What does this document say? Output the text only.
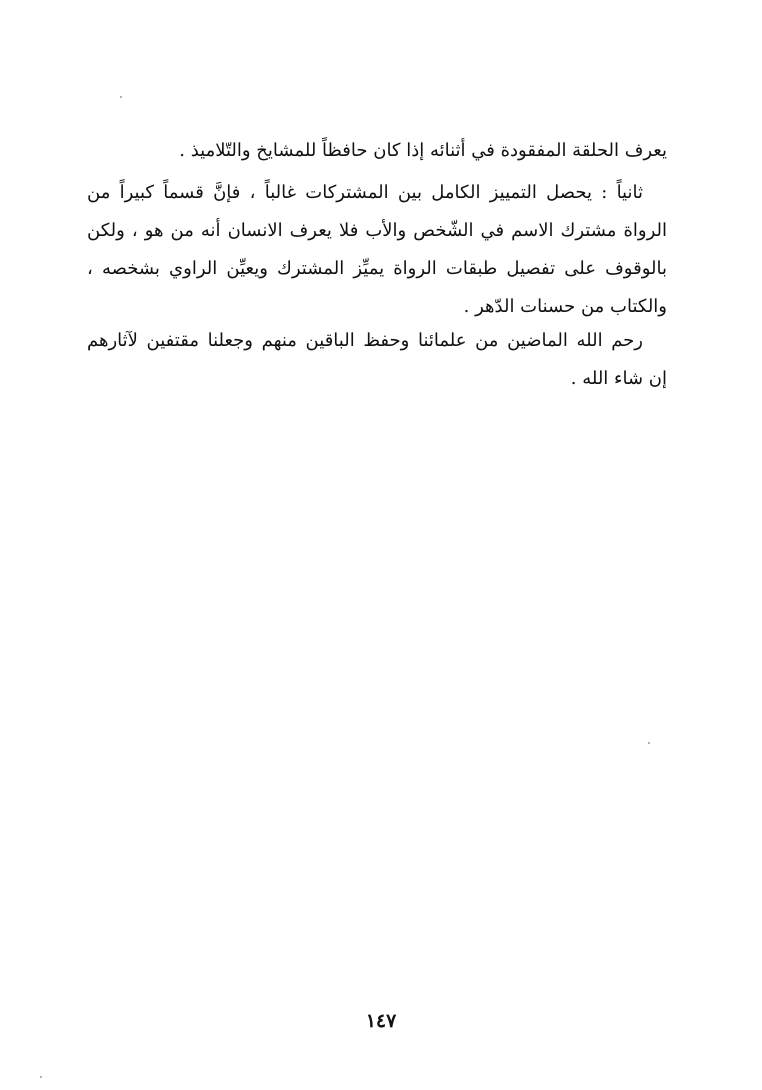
يعرف الحلقة المفقودة في أثنائه إذا كان حافظاً للمشايخ والتّلاميذ .
ثانياً : يحصل التمييز الكامل بين المشتركات غالباً ، فإنَّ قسماً كبيراً من
الرواة مشترك الاسم في الشّخص والأب فلا يعرف الانسان أنه من هو ، ولكن
بالوقوف على تفصيل طبقات الرواة يميِّز المشترك ويعيِّن الراوي بشخصه ،
والكتاب من حسنات الدّهر .
رحم الله الماضين من علمائنا وحفظ الباقين منهم وجعلنا مقتفين لآثارهم
إن شاء الله .
١٤٧
